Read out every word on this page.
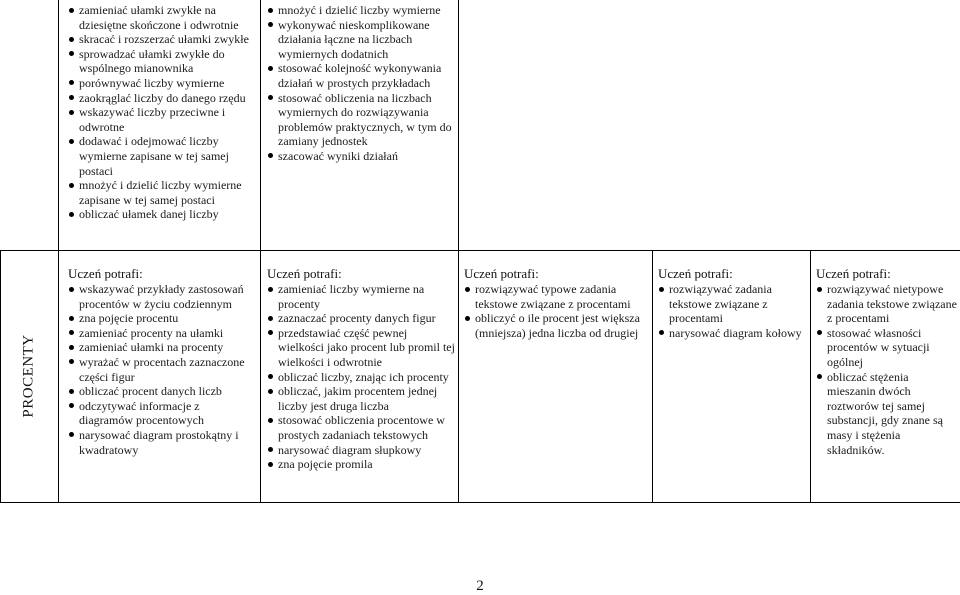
zamieniać ułamki zwykłe na dziesiętne skończone i odwrotnie
skracać i rozszerzać ułamki zwykłe
sprowadzać ułamki zwykłe do wspólnego mianownika
porównywać liczby wymierne
zaokrąglać liczby do danego rzędu
wskazywać liczby przeciwne i odwrotne
dodawać i odejmować liczby wymierne zapisane w tej samej postaci
mnożyć i dzielić liczby wymierne zapisane w tej samej postaci
obliczać ułamek danej liczby
mnożyć i dzielić liczby wymierne
wykonywać nieskomplikowane działania łączne na liczbach wymiernych dodatnich
stosować kolejność wykonywania działań w prostych przykładach
stosować obliczenia na liczbach wymiernych do rozwiązywania problemów praktycznych, w tym do zamiany jednostek
szacować wyniki działań
PROCENTY
Uczeń potrafi:
wskazywać przykłady zastosowań procentów w życiu codziennym
zna pojęcie procentu
zamieniać procenty na ułamki
zamieniać ułamki na procenty
wyrażać w procentach zaznaczone części figur
obliczać procent danych liczb
odczytywać informacje z diagramów procentowych
narysować diagram prostokątny i kwadratowy
Uczeń potrafi:
zamieniać liczby wymierne na procenty
zaznaczać procenty danych figur
przedstawiać część pewnej wielkości jako procent lub promil tej wielkości i odwrotnie
obliczać liczby, znając ich procenty
obliczać, jakim procentem jednej liczby jest druga liczba
stosować obliczenia procentowe w prostych zadaniach tekstowych
narysować diagram słupkowy
zna pojęcie promila
Uczeń potrafi:
rozwiązywać typowe zadania tekstowe związane z procentami
obliczyć o ile procent jest większa (mniejsza) jedna liczba od drugiej
Uczeń potrafi:
rozwiązywać zadania tekstowe związane z procentami
narysować diagram kołowy
Uczeń potrafi:
rozwiązywać nietypowe zadania tekstowe związane z procentami
stosować własności procentów w sytuacji ogólnej
obliczać stężenia mieszanin dwóch roztworów tej samej substancji, gdy znane są masy i stężenia składników.
2
